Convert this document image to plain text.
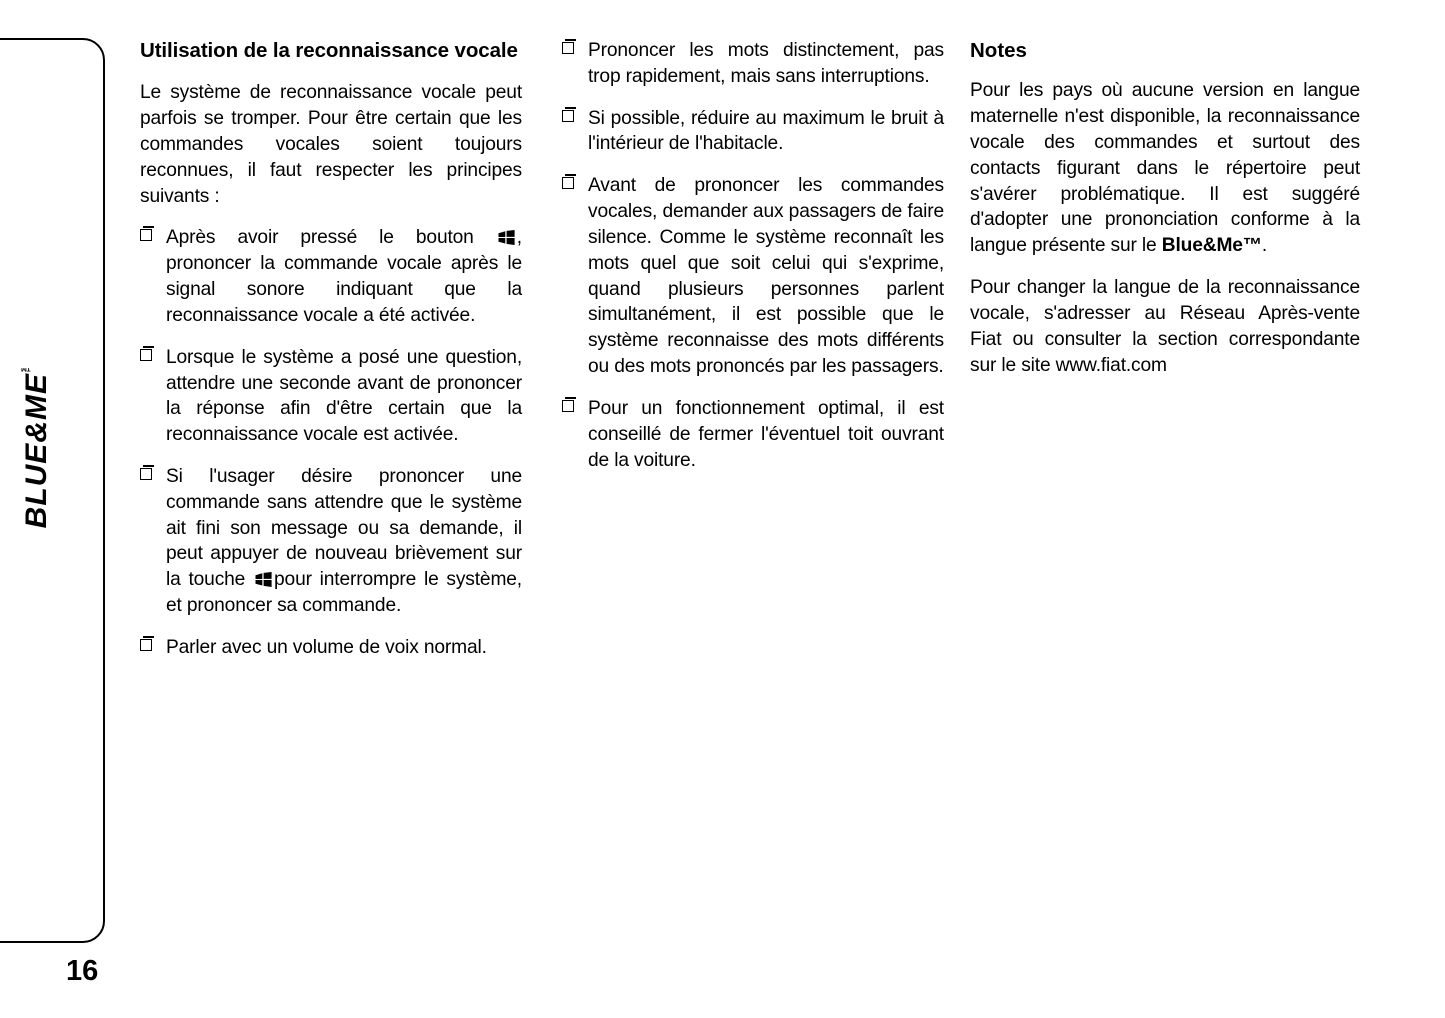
BLUE&ME™
16
Utilisation de la reconnaissance vocale

Le système de reconnaissance vocale peut parfois se tromper. Pour être certain que les commandes vocales soient toujours reconnues, il faut respecter les principes suivants :

Après avoir pressé le bouton , prononcer la commande vocale après le signal sonore indiquant que la reconnaissance vocale a été activée.
Lorsque le système a posé une question, attendre une seconde avant de prononcer la réponse afin d'être certain que la reconnaissance vocale est activée.
Si l'usager désire prononcer une commande sans attendre que le système ait fini son message ou sa demande, il peut appuyer de nouveau brièvement sur la touche pour interrompre le système, et prononcer sa commande.
Parler avec un volume de voix normal.
Prononcer les mots distinctement, pas trop rapidement, mais sans interruptions.
Si possible, réduire au maximum le bruit à l'intérieur de l'habitacle.
Avant de prononcer les commandes vocales, demander aux passagers de faire silence. Comme le système reconnaît les mots quel que soit celui qui s'exprime, quand plusieurs personnes parlent simultanément, il est possible que le système reconnaisse des mots différents ou des mots prononcés par les passagers.
Pour un fonctionnement optimal, il est conseillé de fermer l'éventuel toit ouvrant de la voiture.
Notes

Pour les pays où aucune version en langue maternelle n'est disponible, la reconnaissance vocale des commandes et surtout des contacts figurant dans le répertoire peut s'avérer problématique. Il est suggéré d'adopter une prononciation conforme à la langue présente sur le Blue&Me™.

Pour changer la langue de la reconnaissance vocale, s'adresser au Réseau Après-vente Fiat ou consulter la section correspondante sur le site www.fiat.com
